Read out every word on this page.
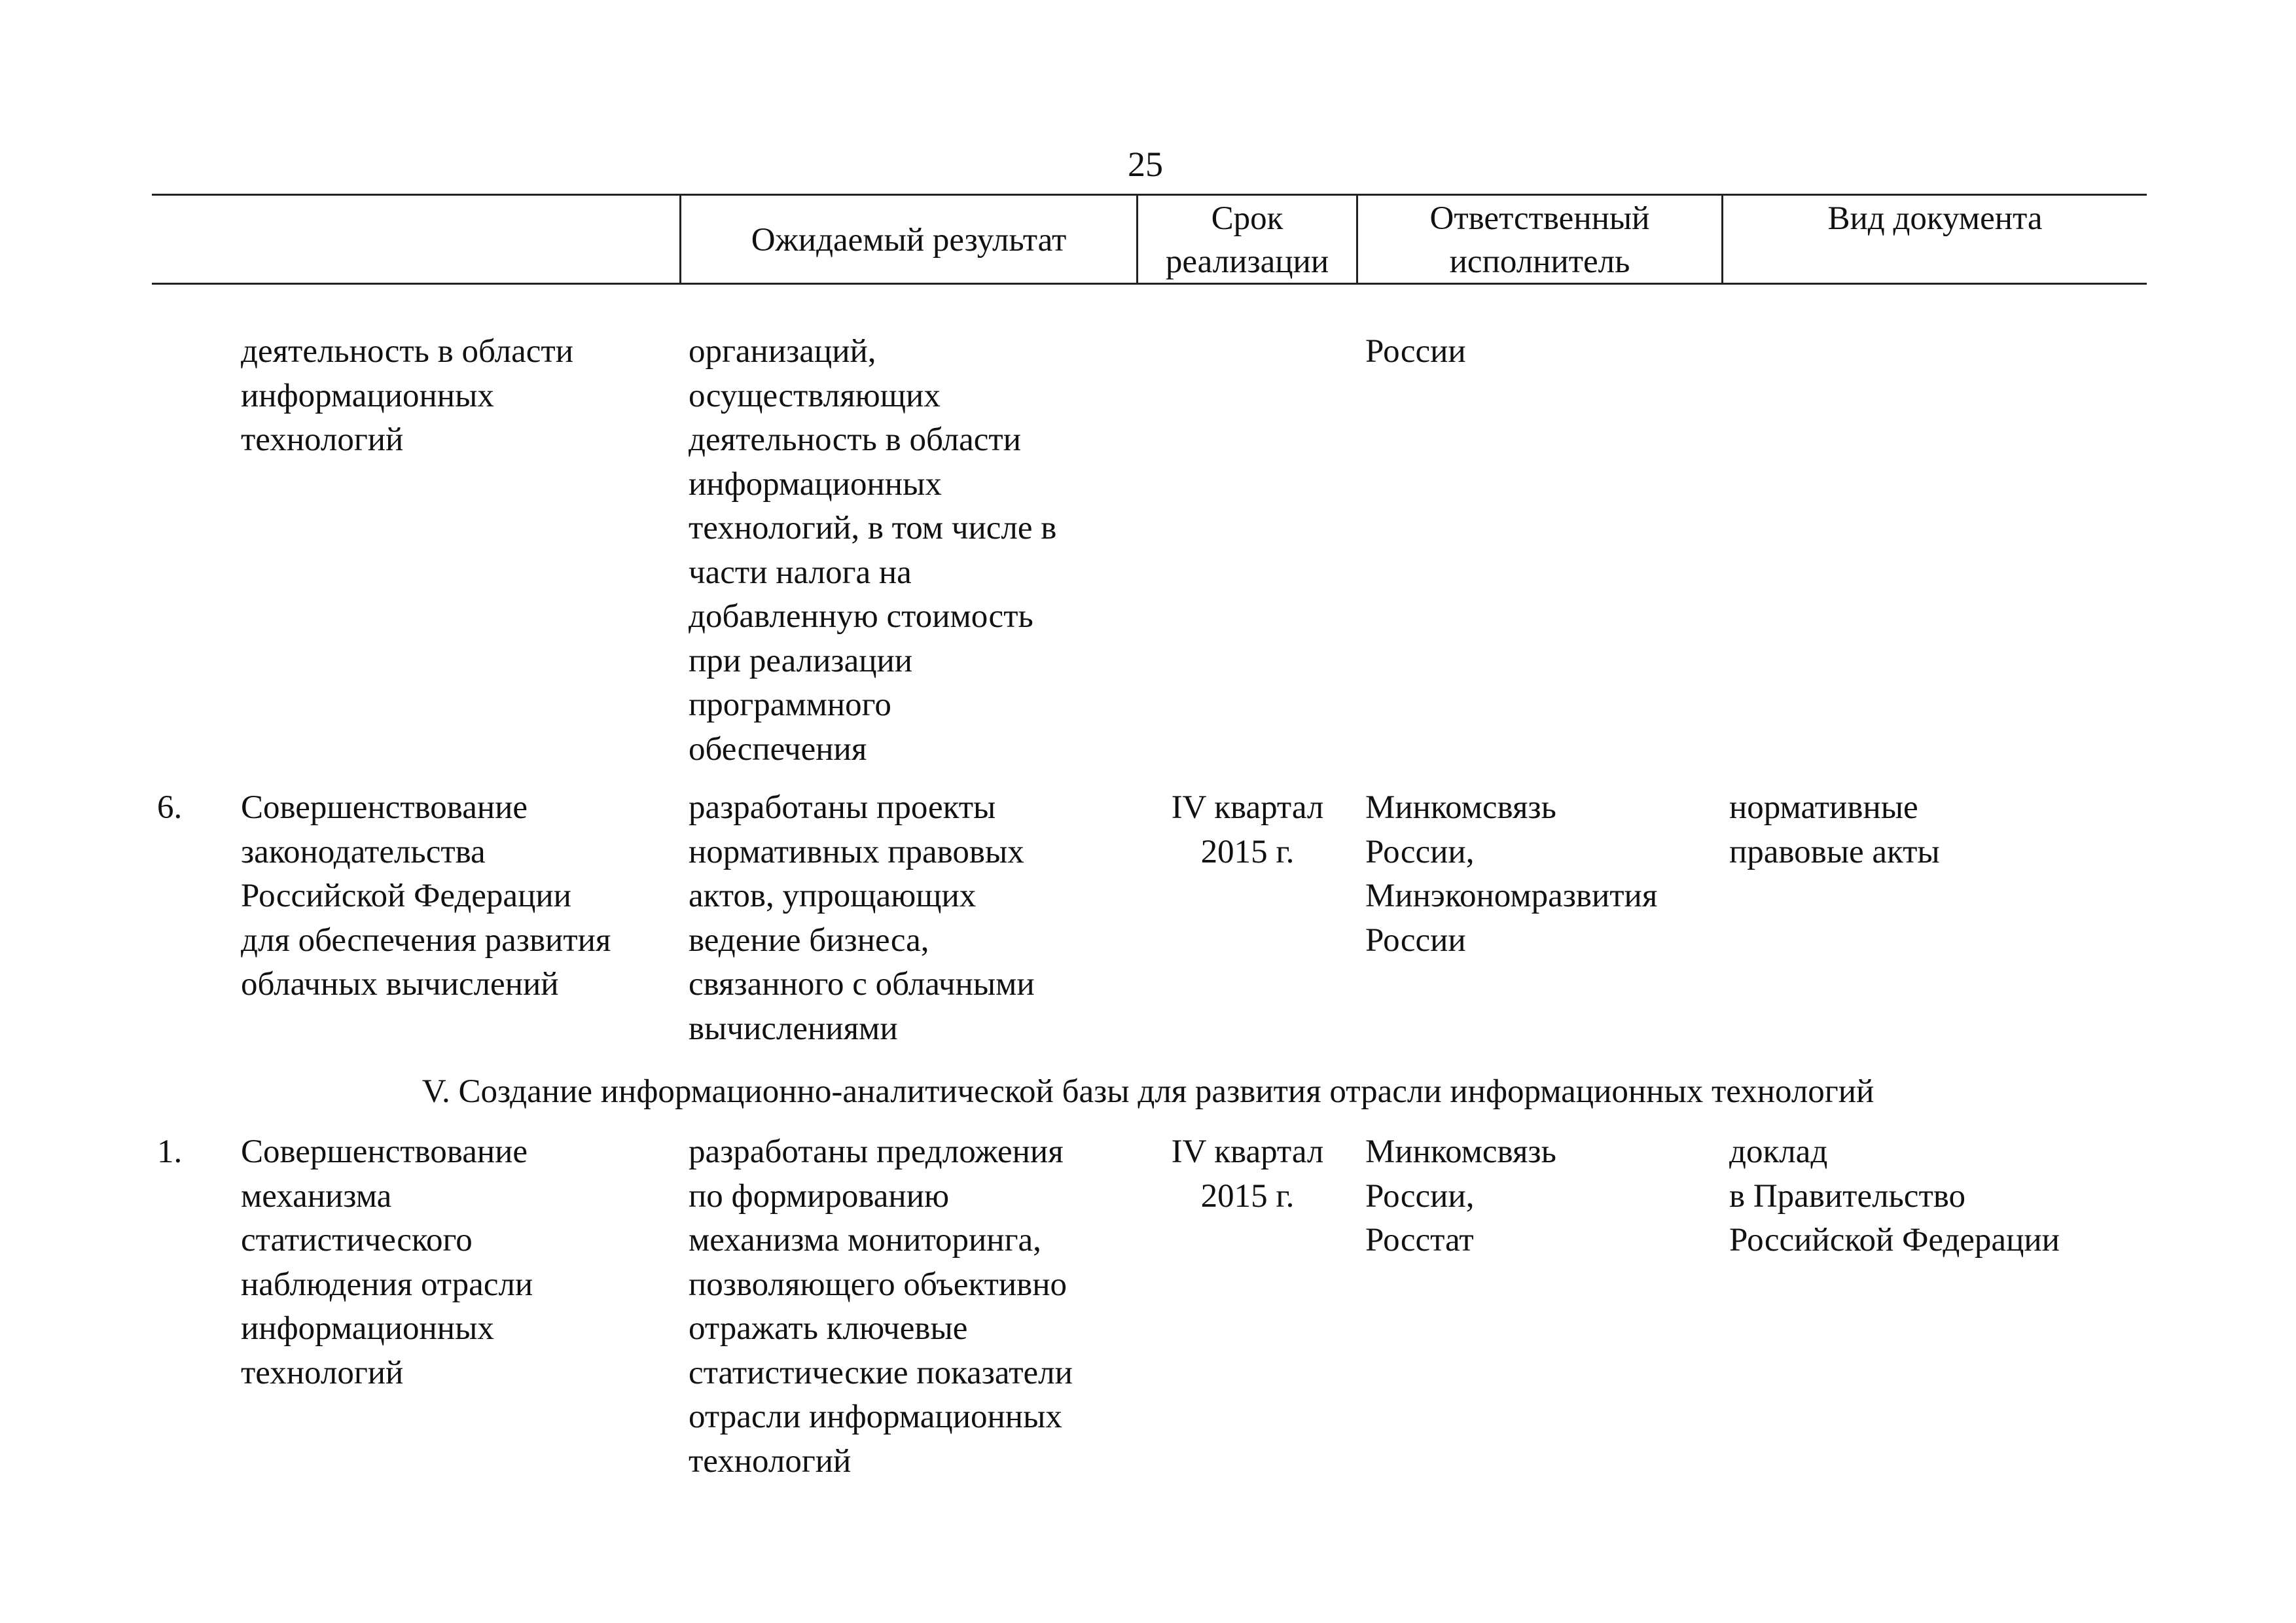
25
Ожидаемый результат
Срок
реализации
Ответственный
исполнитель
Вид документа
деятельность в области
информационных
технологий
организаций,
осуществляющих
деятельность в области
информационных
технологий, в том числе в
части налога на
добавленную стоимость
при реализации
программного
обеспечения
России
6. Совершенствование
законодательства
Российской Федерации
для обеспечения развития
облачных вычислений
разработаны проекты
нормативных правовых
актов, упрощающих
ведение бизнеса,
связанного с облачными
вычислениями
IV квартал
2015 г.
Минкомсвязь
России,
Минэкономразвития
России
нормативные
правовые акты
V. Создание информационно-аналитической базы для развития отрасли информационных технологий
1. Совершенствование
механизма
статистического
наблюдения отрасли
информационных
технологий
разработаны предложения
по формированию
механизма мониторинга,
позволяющего объективно
отражать ключевые
статистические показатели
отрасли информационных
технологий
IV квартал
2015 г.
Минкомсвязь
России,
Росстат
доклад
в Правительство
Российской Федерации
